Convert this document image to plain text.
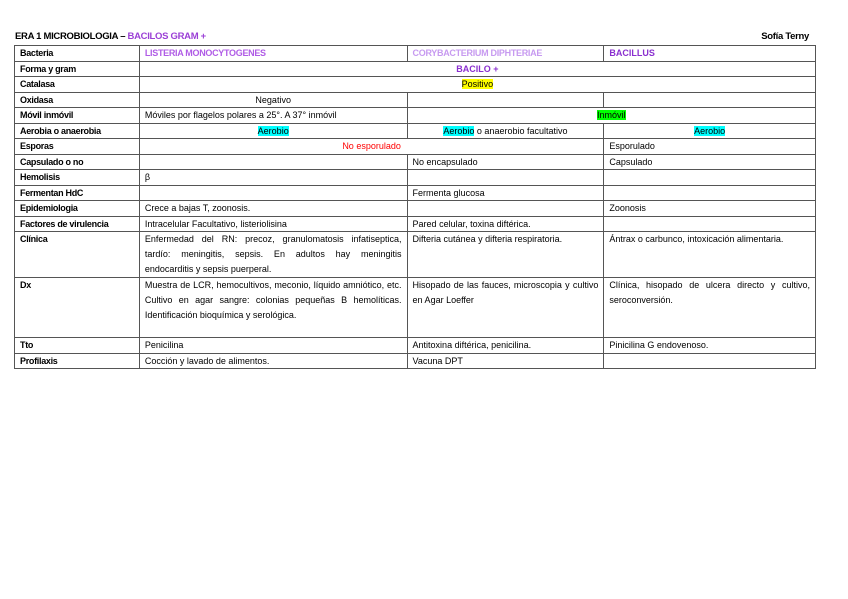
ERA 1 MICROBIOLOGIA – BACILOS GRAM +	Sofía Terny
Bacteria	LISTERIA MONOCYTOGENES	CORYBACTERIUM DIPHTERIAE	BACILLUS
Forma y gram	BACILO +		
Catalasa	Positivo		
Oxidasa	Negativo		
Móvil inmóvil	Móviles por flagelos polares a 25°. A 37° inmóvil	Inmóvil	
Aerobia o anaerobia	Aerobio	Aerobio o anaerobio facultativo	Aerobio
Esporas	No esporulado		Esporulado
Capsulado o no		No encapsulado	Capsulado
Hemolisis	β		
Fermentan HdC		Fermenta glucosa	
Epidemiologia	Crece a bajas T, zoonosis.		Zoonosis
Factores de virulencia	Intracelular Facultativo, listeriolisina	Pared celular, toxina diftérica.	
Clínica	Enfermedad del RN: precoz, granulomatosis infatiseptica, tardío: meningitis, sepsis. En adultos hay meningitis endocarditis y sepsis puerperal.	Difteria cutánea y difteria respiratoria.	Ántrax o carbunco, intoxicación alimentaria.
Dx	Muestra de LCR, hemocultivos, meconio, líquido amniótico, etc. Cultivo en agar sangre: colonias pequeñas B hemolíticas. Identificación bioquímica y serológica.	Hisopado de las fauces, microscopia y cultivo en Agar Loeffer	Clínica, hisopado de ulcera directo y cultivo, seroconversión.
Tto	Penicilina	Antitoxina diftérica, penicilina.	Pinicilina G endovenoso.
Profilaxis	Cocción y lavado de alimentos.	Vacuna DPT	
